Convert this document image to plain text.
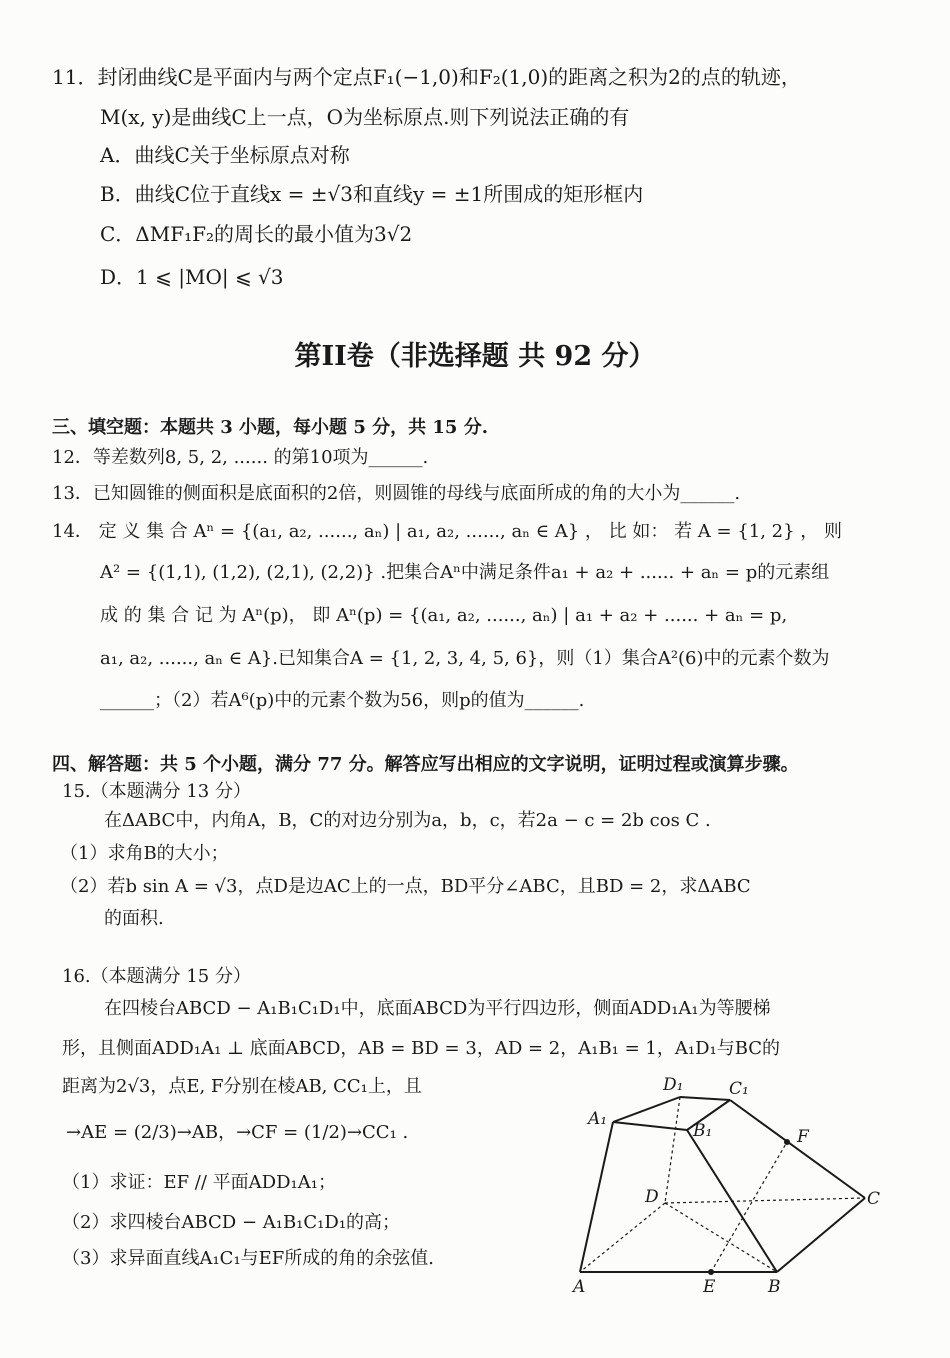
11．封闭曲线C是平面内与两个定点F₁(−1,0)和F₂(1,0)的距离之积为2的点的轨迹，
M(x, y)是曲线C上一点，O为坐标原点.则下列说法正确的有
A．曲线C关于坐标原点对称
B．曲线C位于直线x = ±√3和直线y = ±1所围成的矩形框内
C．ΔMF₁F₂的周长的最小值为3√2
D．1 ⩽ |MO| ⩽ √3
第II卷（非选择题 共 92 分）
三、填空题：本题共 3 小题，每小题 5 分，共 15 分.
12．等差数列8, 5, 2, ...... 的第10项为______.
13．已知圆锥的侧面积是底面积的2倍，则圆锥的母线与底面所成的角的大小为______.
14． 定 义 集 合 Aⁿ = {(a₁, a₂, ......, aₙ) | a₁, a₂, ......, aₙ ∈ A} ， 比 如： 若 A = {1, 2} ， 则
A² = {(1,1), (1,2), (2,1), (2,2)} .把集合Aⁿ中满足条件a₁ + a₂ + ...... + aₙ = p的元素组
成 的 集 合 记 为 Aⁿ(p)， 即 Aⁿ(p) = {(a₁, a₂, ......, aₙ) | a₁ + a₂ + ...... + aₙ = p,
a₁, a₂, ......, aₙ ∈ A}.已知集合A = {1, 2, 3, 4, 5, 6}，则（1）集合A²(6)中的元素个数为
______；（2）若A⁶(p)中的元素个数为56，则p的值为______.
四、解答题：共 5 个小题，满分 77 分。解答应写出相应的文字说明，证明过程或演算步骤。
15.（本题满分 13 分）
在ΔABC中，内角A，B，C的对边分别为a，b，c，若2a − c = 2b cos C .
（1）求角B的大小；
（2）若b sin A = √3，点D是边AC上的一点，BD平分∠ABC，且BD = 2，求ΔABC
的面积.
16.（本题满分 15 分）
在四棱台ABCD − A₁B₁C₁D₁中，底面ABCD为平行四边形，侧面ADD₁A₁为等腰梯
形，且侧面ADD₁A₁ ⊥ 底面ABCD，AB = BD = 3，AD = 2，A₁B₁ = 1，A₁D₁与BC的
距离为2√3，点E, F分别在棱AB, CC₁上，且
→AE = (2/3)→AB，→CF = (1/2)→CC₁ .
（1）求证：EF // 平面ADD₁A₁；
（2）求四棱台ABCD − A₁B₁C₁D₁的高；
（3）求异面直线A₁C₁与EF所成的角的余弦值.
A	B
C
D
E
F
A₁
B₁
C₁
D₁
